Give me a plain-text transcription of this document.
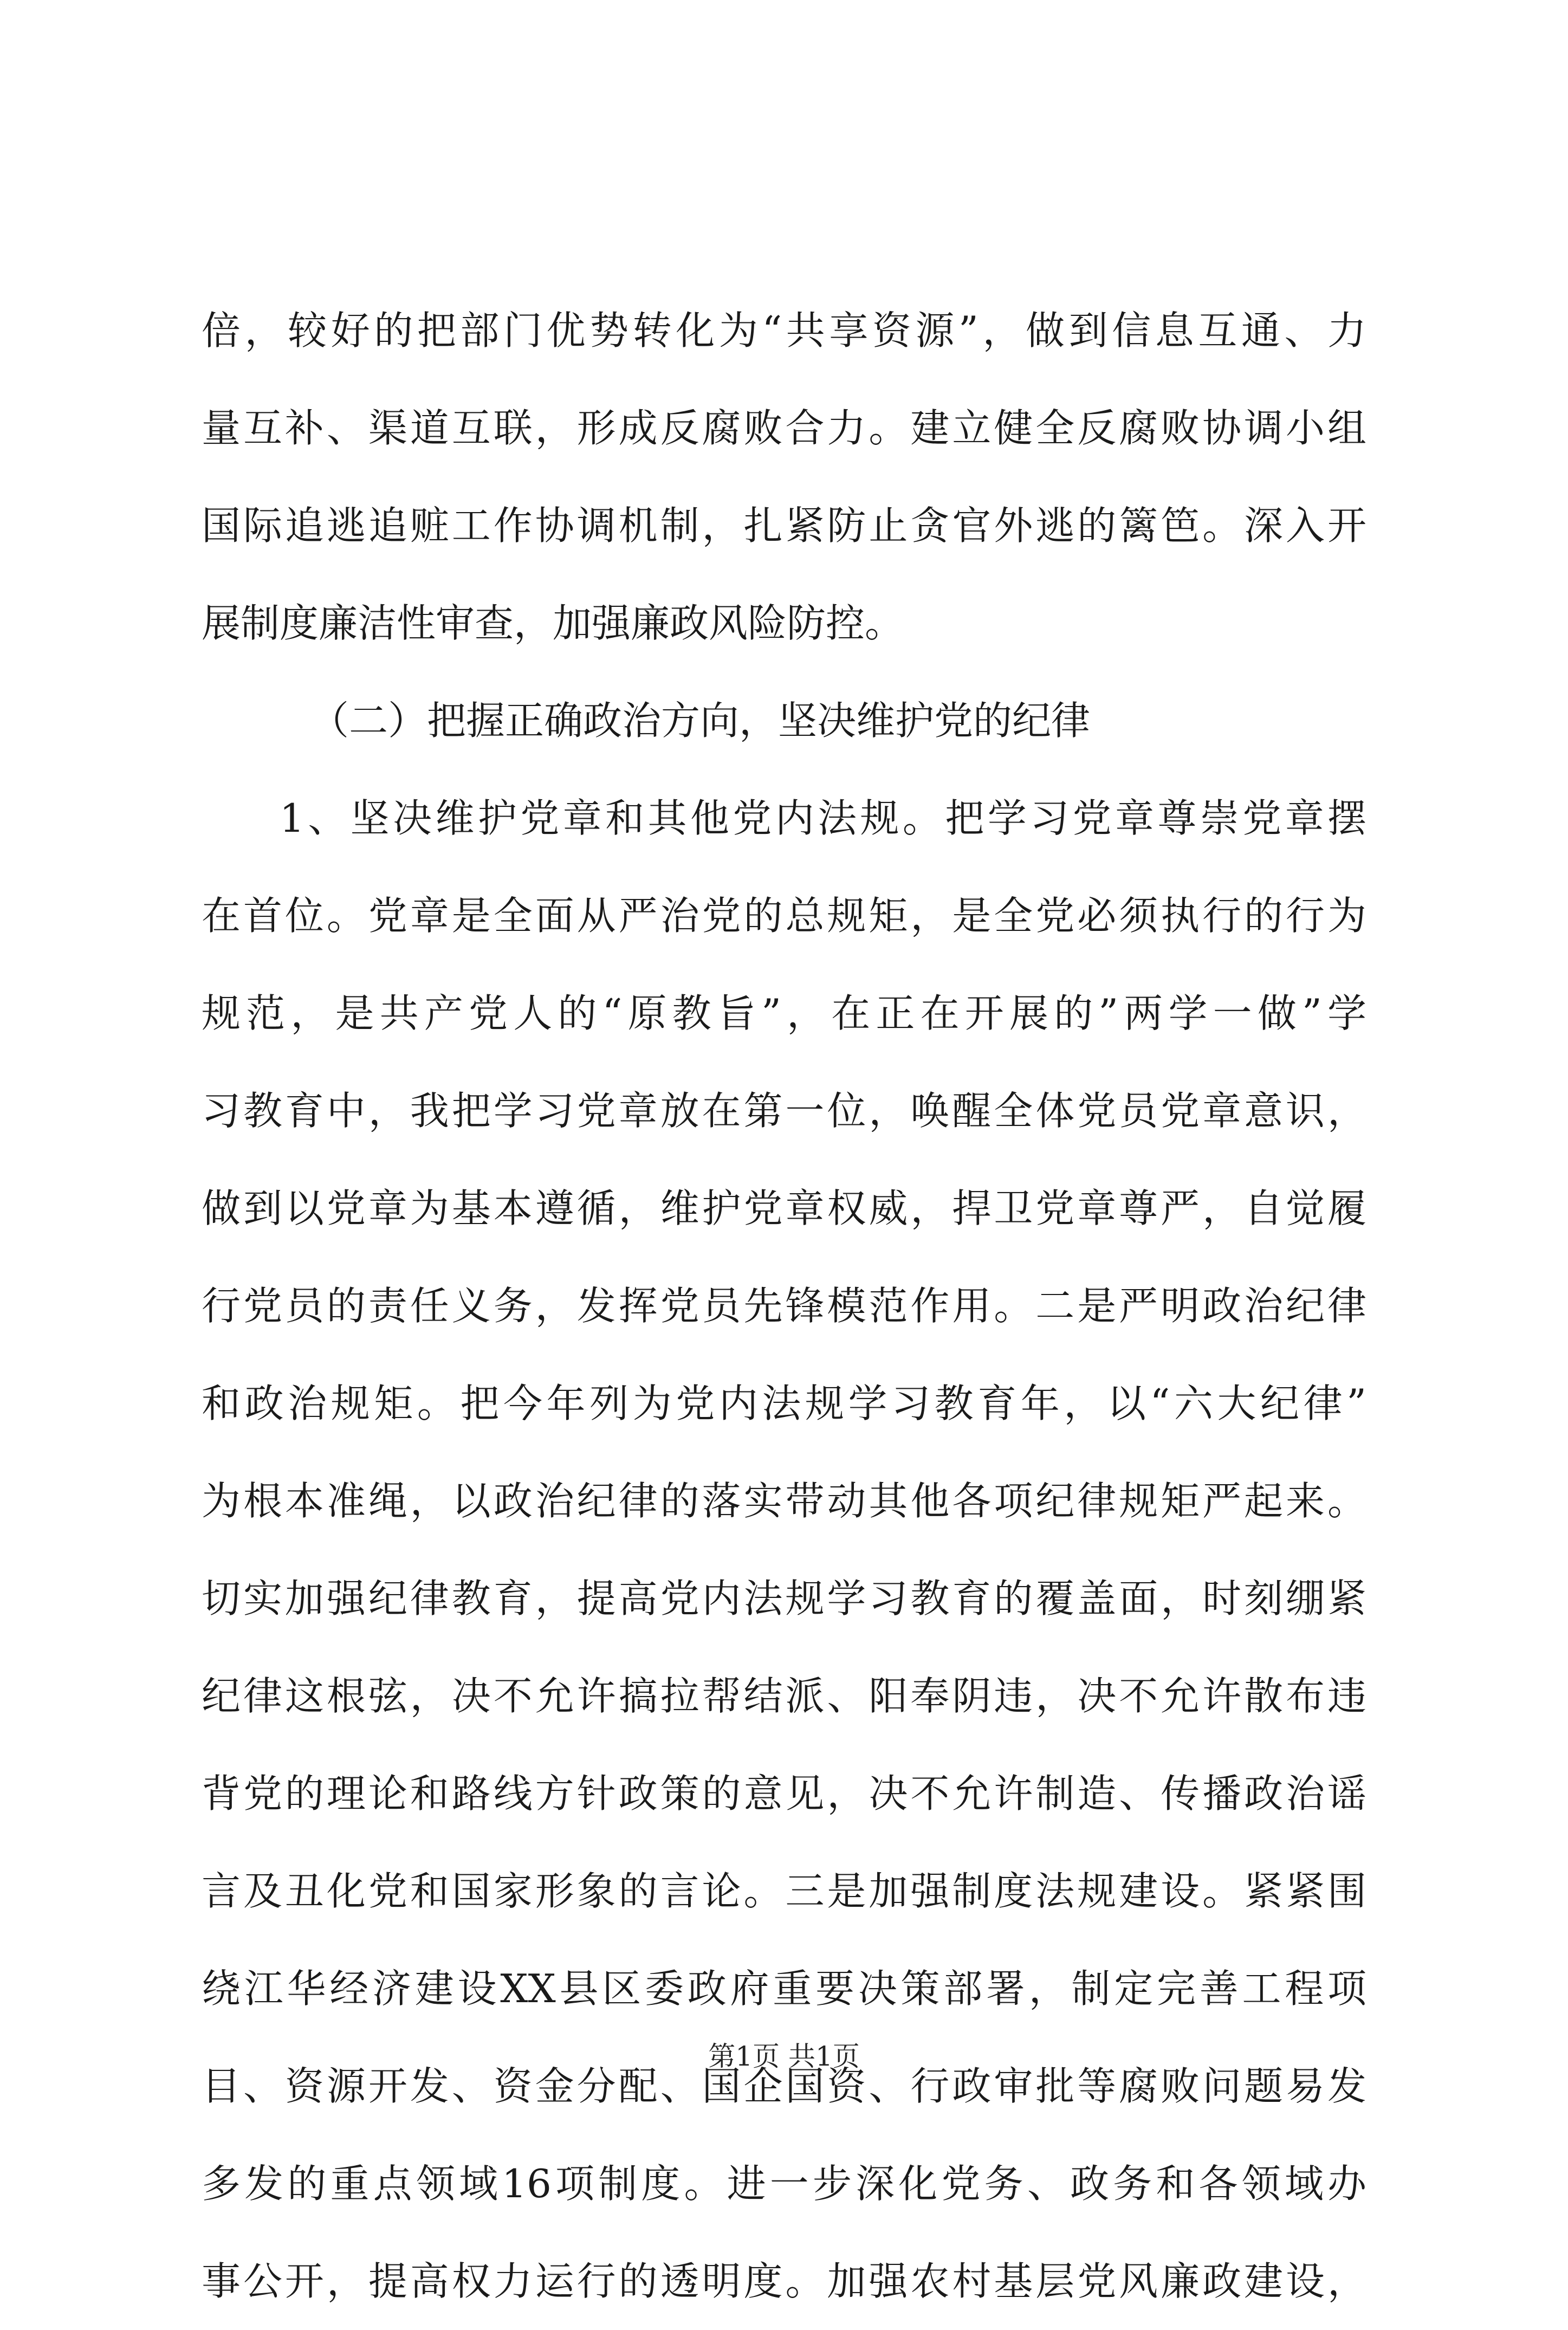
倍，较好的把部门优势转化为“共享资源”，做到信息互通、力
量互补、渠道互联，形成反腐败合力。建立健全反腐败协调小组
国际追逃追赃工作协调机制，扎紧防止贪官外逃的篱笆。深入开
展制度廉洁性审查，加强廉政风险防控。
（二）把握正确政治方向，坚决维护党的纪律
1、坚决维护党章和其他党内法规。把学习党章尊崇党章摆
在首位。党章是全面从严治党的总规矩，是全党必须执行的行为
规范，是共产党人的“原教旨”，在正在开展的”两学一做”学
习教育中，我把学习党章放在第一位，唤醒全体党员党章意识，
做到以党章为基本遵循，维护党章权威，捍卫党章尊严，自觉履
行党员的责任义务，发挥党员先锋模范作用。二是严明政治纪律
和政治规矩。把今年列为党内法规学习教育年，以“六大纪律”
为根本准绳，以政治纪律的落实带动其他各项纪律规矩严起来。
切实加强纪律教育，提高党内法规学习教育的覆盖面，时刻绷紧
纪律这根弦，决不允许搞拉帮结派、阳奉阴违，决不允许散布违
背党的理论和路线方针政策的意见，决不允许制造、传播政治谣
言及丑化党和国家形象的言论。三是加强制度法规建设。紧紧围
绕江华经济建设XX县区委政府重要决策部署，制定完善工程项
目、资源开发、资金分配、国企国资、行政审批等腐败问题易发
多发的重点领域16项制度。进一步深化党务、政务和各领域办
事公开，提高权力运行的透明度。加强农村基层党风廉政建设，
第1页 共1页
